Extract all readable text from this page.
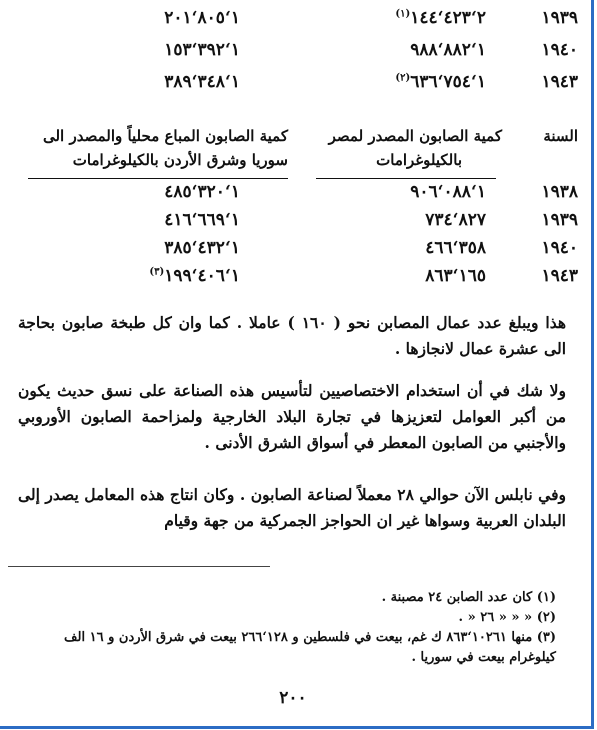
١٩٣٩
٢‘٤٢٣‘١٤٤$^{(١)}$
١‘٨٠٥‘٢٠١
١٩٤٠
١‘٨٨٢‘٩٨٨
١‘٣٩٢‘١٥٣
١٩٤٣
١‘٧٥٤‘٦٣٦$^{(٢)}$
١‘٣٤٨‘٣٨٩
السنة
كمية الصابون المصدر لمصر
بالكيلوغرامات
كمية الصابون المباع محلياً والمصدر الى
سوريا وشرق الأردن بالكيلوغرامات
١٩٣٨
١‘٠٨٨‘٩٠٦
١‘٣٢٠‘٤٨٥
١٩٣٩
٨٢٧‘٧٣٤
١‘٦٦٩‘٤١٦
١٩٤٠
٣٥٨‘٤٦٦
١‘٤٣٢‘٣٨٥
١٩٤٣
١٦٥‘٨٦٣
١‘٤٠٦‘١٩٩$^{(٣)}$

هذا ويبلغ عدد عمال المصابن نحو ( ١٦٠ ) عاملا . كما وان كل طبخة صابون بحاجة الى عشرة عمال لانجازها .

ولا شك في أن استخدام الاختصاصيين لتأسيس هذه الصناعة على نسق حديث يكون من أكبر العوامل لتعزيزها في تجارة البلاد الخارجية ولمزاحمة الصابون الأوروبي والأجنبي من الصابون المعطر في أسواق الشرق الأدنى .

وفي نابلس الآن حوالي ٢٨ معملاً لصناعة الصابون . وكان انتاج هذه المعامل يصدر إلى البلدان العربية وسواها غير ان الحواجز الجمركية من جهة وقيام

(١) كان عدد الصابن ٢٤ مصبنة .

(٢) « « « ٢٦ « .

(٣) منها ١٠٢٦١‘٨٦٣ ك غم، بيعت في فلسطين و ١٢٨‘٢٦٦ بيعت في شرق الأردن و ١٦ الف كيلوغرام بيعت في سوريا .

٢٠٠
